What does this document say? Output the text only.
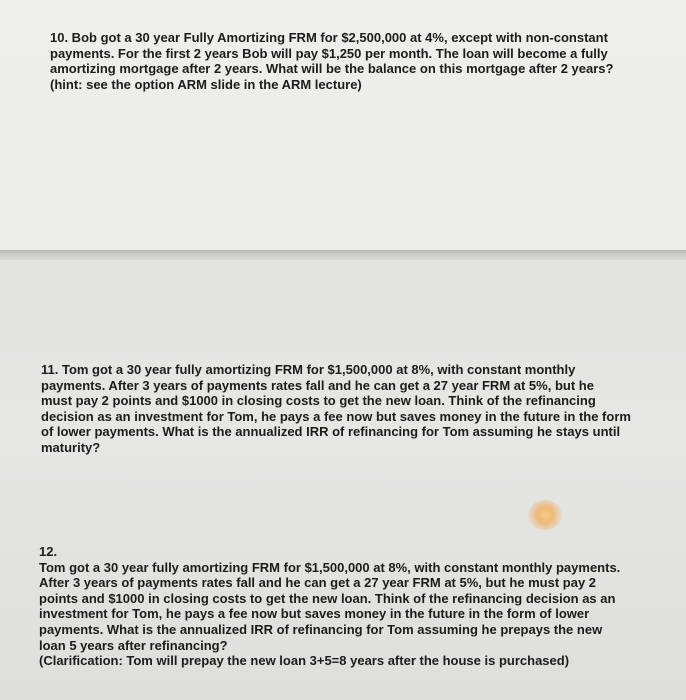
10. Bob got a 30 year Fully Amortizing FRM for $2,500,000 at 4%, except with non-constant
payments. For the first 2 years Bob will pay $1,250 per month. The loan will become a fully
amortizing mortgage after 2 years. What will be the balance on this mortgage after 2 years?
(hint: see the option ARM slide in the ARM lecture)

11. Tom got a 30 year fully amortizing FRM for $1,500,000 at 8%, with constant monthly
payments. After 3 years of payments rates fall and he can get a 27 year FRM at 5%, but he
must pay 2 points and $1000 in closing costs to get the new loan. Think of the refinancing
decision as an investment for Tom, he pays a fee now but saves money in the future in the form
of lower payments. What is the annualized IRR of refinancing for Tom assuming he stays until
maturity?

12.
Tom got a 30 year fully amortizing FRM for $1,500,000 at 8%, with constant monthly payments.
After 3 years of payments rates fall and he can get a 27 year FRM at 5%, but he must pay 2
points and $1000 in closing costs to get the new loan. Think of the refinancing decision as an
investment for Tom, he pays a fee now but saves money in the future in the form of lower
payments. What is the annualized IRR of refinancing for Tom assuming he prepays the new
loan 5 years after refinancing?
(Clarification: Tom will prepay the new loan 3+5=8 years after the house is purchased)
